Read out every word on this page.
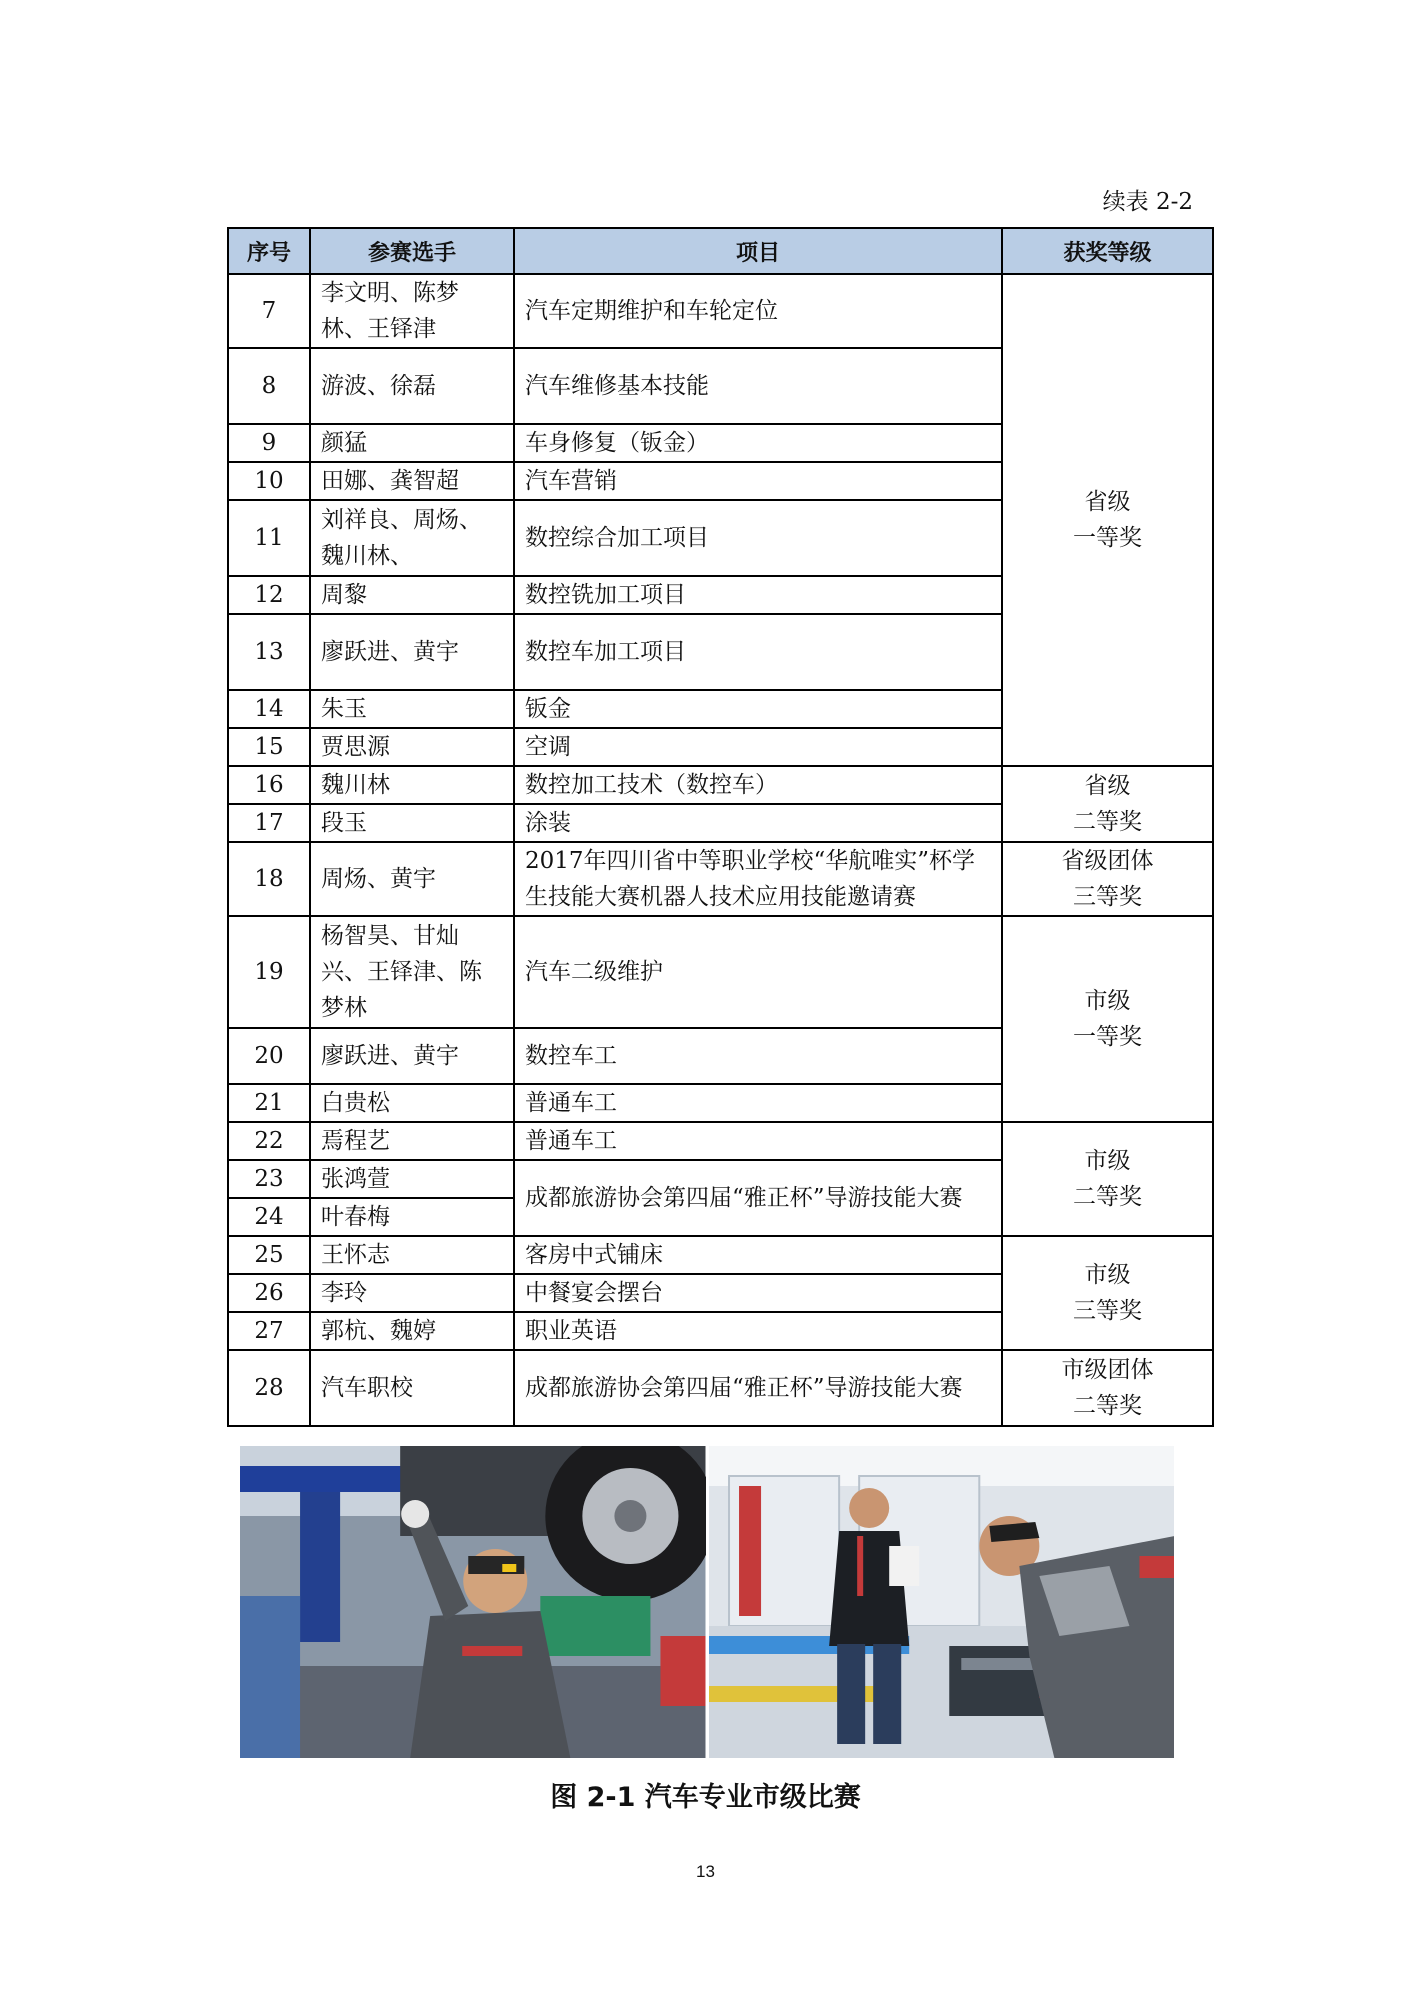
续表 2-2
序号	参赛选手	项目	获奖等级
7	李文明、陈梦林、王铎津	汽车定期维护和车轮定位	省级
一等奖

8	游波、徐磊	汽车维修基本技能	
9	颜猛	车身修复（钣金）	
10	田娜、龚智超	汽车营销	
11	刘祥良、周炀、魏川林、	数控综合加工项目	
12	周黎	数控铣加工项目	
13	廖跃进、黄宇	数控车加工项目	
14	朱玉	钣金	
15	贾思源	空调	
16	魏川林	数控加工技术（数控车）	省级
二等奖

17	段玉	涂装	
18	周炀、黄宇	2017年四川省中等职业学校“华航唯实”杯学生技能大赛机器人技术应用技能邀请赛	省级团体
三等奖

19	杨智昊、甘灿兴、王铎津、陈梦林	汽车二级维护	市级
一等奖

20	廖跃进、黄宇	数控车工	
21	白贵松	普通车工	
22	焉程艺	普通车工	市级
二等奖

23	张鸿萱	成都旅游协会第四届“雅正杯”导游技能大赛	
24	叶春梅		
25	王怀志	客房中式铺床	市级
三等奖

26	李玲	中餐宴会摆台	
27	郭杭、魏婷	职业英语	
28	汽车职校	成都旅游协会第四届“雅正杯”导游技能大赛	市级团体
二等奖
图 2-1 汽车专业市级比赛
13
